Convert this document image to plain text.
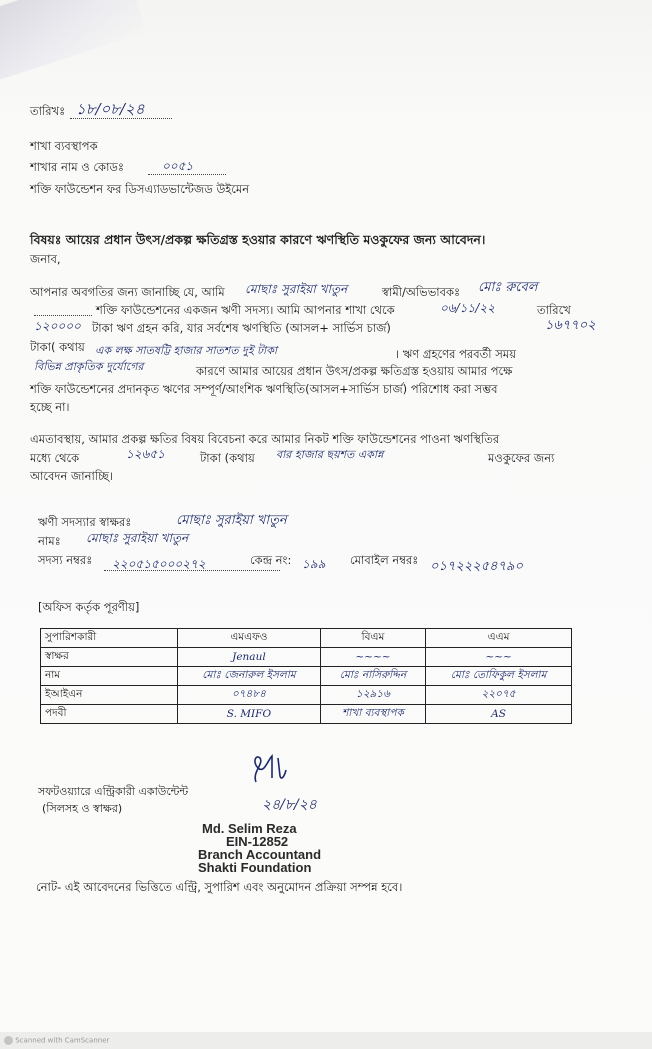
তারিখঃ ১৮/০৮/২৪
শাখা ব্যবস্থাপক
শাখার নাম ও কোডঃ	০০৫১
শক্তি ফাউন্ডেশন ফর ডিসএ্যাডভান্টেজড উইমেন
বিষয়ঃ আয়ের প্রধান উৎস/প্রকল্প ক্ষতিগ্রস্ত হওয়ার কারণে ঋণস্থিতি মওকুফের জন্য আবেদন।
জনাব,
আপনার অবগতির জন্য জানাচ্ছি যে, আমি মোছাঃ সুরাইয়া খাতুন	স্বামী/অভিভাবকঃ মোঃ রুবেল
শক্তি ফাউন্ডেশনের একজন ঋণী সদস্য। আমি আপনার শাখা থেকে	০৬/১১/২২	তারিখে
১২০০০০ টাকা ঋণ গ্রহন করি, যার সর্বশেষ ঋণস্থিতি (আসল+ সার্ভিস চার্জ)	১৬৭৭০২
টাকা( কথায় এক লক্ষ সাতষট্টি হাজার সাতশত দুই টাকা	। ঋণ গ্রহণের পরবর্তী সময়
বিভিন্ন প্রাকৃতিক দুর্যোগের	কারণে আমার আয়ের প্রধান উৎস/প্রকল্প ক্ষতিগ্রস্ত হওয়ায় আমার পক্ষে
শক্তি ফাউন্ডেশনের প্রদানকৃত ঋণের সম্পূর্ণ/আংশিক ঋণস্থিতি(আসল+সার্ভিস চার্জ) পরিশোধ করা সম্ভব
হচ্ছে না।
এমতাবস্থায়, আমার প্রকল্প ক্ষতির বিষয় বিবেচনা করে আমার নিকট শক্তি ফাউন্ডেশনের পাওনা ঋণস্থিতির
মধ্যে থেকে	১২৬৫১	টাকা (কথায় বার হাজার ছয়শত একান্ন	মওকুফের জন্য
আবেদন জানাচ্ছি।
ঋণী সদস্যার স্বাক্ষরঃ	মোছাঃ সুরাইয়া খাতুন
নামঃ মোছাঃ সুরাইয়া খাতুন
সদস্য নম্বরঃ ২২০৫১৫০০০২৭২	কেন্দ্র নং: ১৯৯ মোবাইল নম্বরঃ ০১৭২২২৫৪৭৯০
[অফিস কর্তৃক পূরণীয়]
সুপারিশকারী	এমএফও	বিএম	এএম
স্বাক্ষর	Jenaul	~~~~	~~~
নাম	মোঃ জেনারুল ইসলাম	মোঃ নাসিরুদ্দিন	মোঃ তোফিকুল ইসলাম
ইআইএন	০৭৪৮৪	১২৯১৬	২২০৭৫
পদবী	S. MIFO	শাখা ব্যবস্থাপক	AS
সফটওয়্যারে এন্ট্রিকারী একাউন্টেন্ট
(সিলসহ ও স্বাক্ষর)	২৪/৮/২৪
Md. Selim Reza
EIN-12852
Branch Accountand
Shakti Foundation
নোট- এই আবেদনের ভিত্তিতে এন্ট্রি, সুপারিশ এবং অনুমোদন প্রক্রিয়া সম্পন্ন হবে।
Scanned with CamScanner
